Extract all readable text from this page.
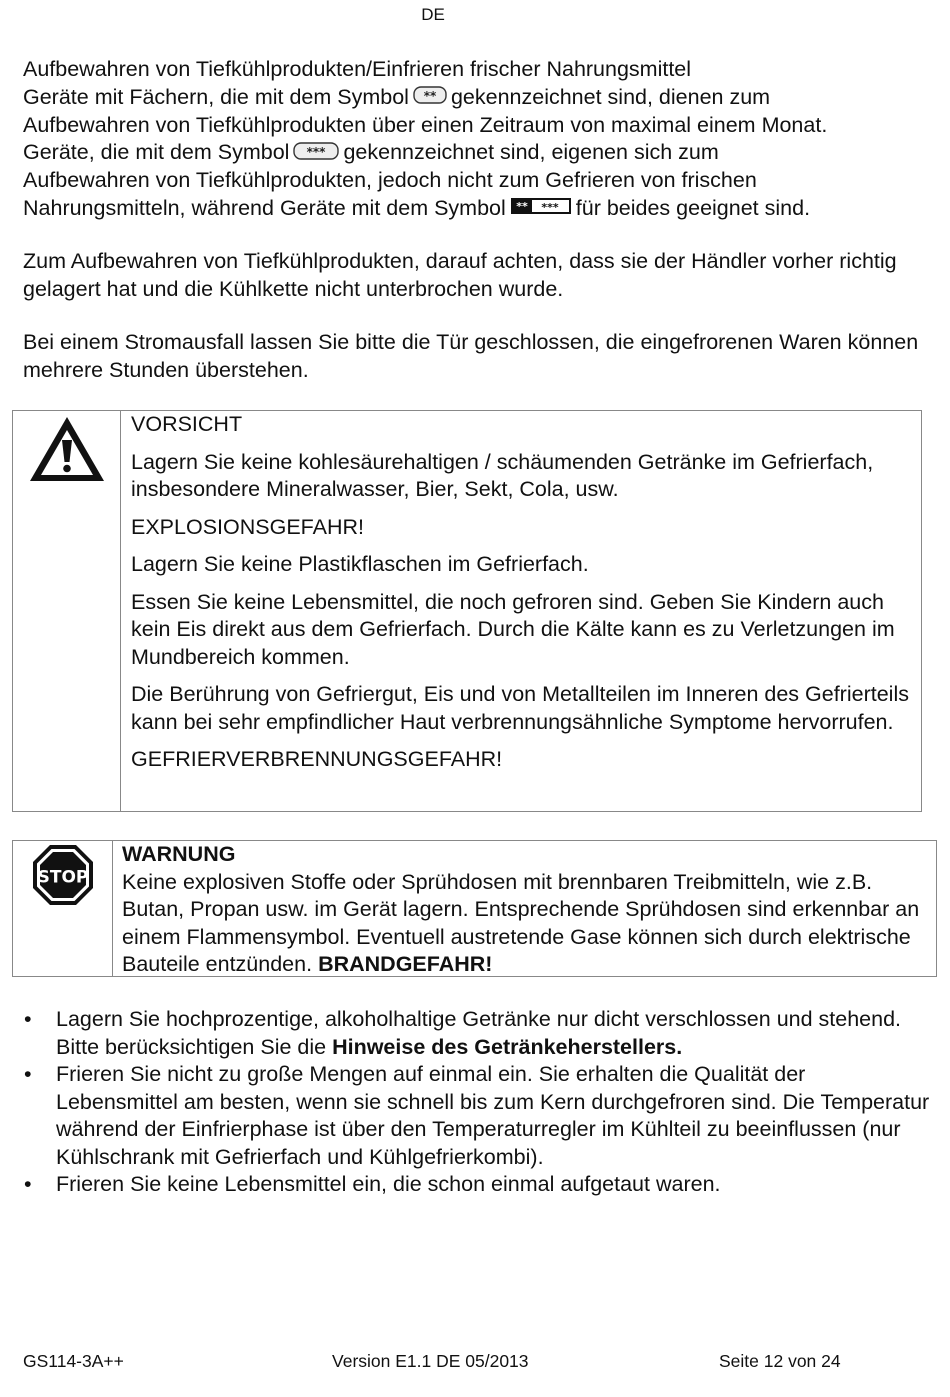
DE
Aufbewahren von Tiefkühlprodukten/Einfrieren frischer Nahrungsmittel
Geräte mit Fächern, die mit dem Symbol ** gekennzeichnet sind, dienen zum
Aufbewahren von Tiefkühlprodukten über einen Zeitraum von maximal einem Monat.
Geräte, die mit dem Symbol *** gekennzeichnet sind, eigenen sich zum
Aufbewahren von Tiefkühlprodukten, jedoch nicht zum Gefrieren von frischen
Nahrungsmitteln, während Geräte mit dem Symbol ** *** für beides geeignet sind.
Zum Aufbewahren von Tiefkühlprodukten, darauf achten, dass sie der Händler vorher richtig gelagert hat und die Kühlkette nicht unterbrochen wurde.
Bei einem Stromausfall lassen Sie bitte die Tür geschlossen, die eingefrorenen Waren können mehrere Stunden überstehen.

VORSICHT

Lagern Sie keine kohlesäurehaltigen / schäumenden Getränke im Gefrierfach, insbesondere Mineralwasser, Bier, Sekt, Cola, usw.

EXPLOSIONSGEFAHR!

Lagern Sie keine Plastikflaschen im Gefrierfach.

Essen Sie keine Lebensmittel, die noch gefroren sind. Geben Sie Kindern auch kein Eis direkt aus dem Gefrierfach. Durch die Kälte kann es zu Verletzungen im Mundbereich kommen.

Die Berührung von Gefriergut, Eis und von Metallteilen im Inneren des Gefrierteils kann bei sehr empfindlicher Haut verbrennungsähnliche Symptome hervorrufen.

GEFRIERVERBRENNUNGSGEFAHR!

STOP

WARNUNG

Keine explosiven Stoffe oder Sprühdosen mit brennbaren Treibmitteln, wie z.B. Butan, Propan usw. im Gerät lagern. Entsprechende Sprühdosen sind erkennbar an einem Flammensymbol. Eventuell austretende Gase können sich durch elektrische Bauteile entzünden. BRANDGEFAHR!

• Lagern Sie hochprozentige, alkoholhaltige Getränke nur dicht verschlossen und stehend. Bitte berücksichtigen Sie die Hinweise des Getränkeherstellers.
• Frieren Sie nicht zu große Mengen auf einmal ein. Sie erhalten die Qualität der Lebensmittel am besten, wenn sie schnell bis zum Kern durchgefroren sind. Die Temperatur während der Einfrierphase ist über den Temperaturregler im Kühlteil zu beeinflussen (nur Kühlschrank mit Gefrierfach und Kühlgefrierkombi).
• Frieren Sie keine Lebensmittel ein, die schon einmal aufgetaut waren.
GS114-3A++	Version E1.1 DE 05/2013	Seite 12 von 24
